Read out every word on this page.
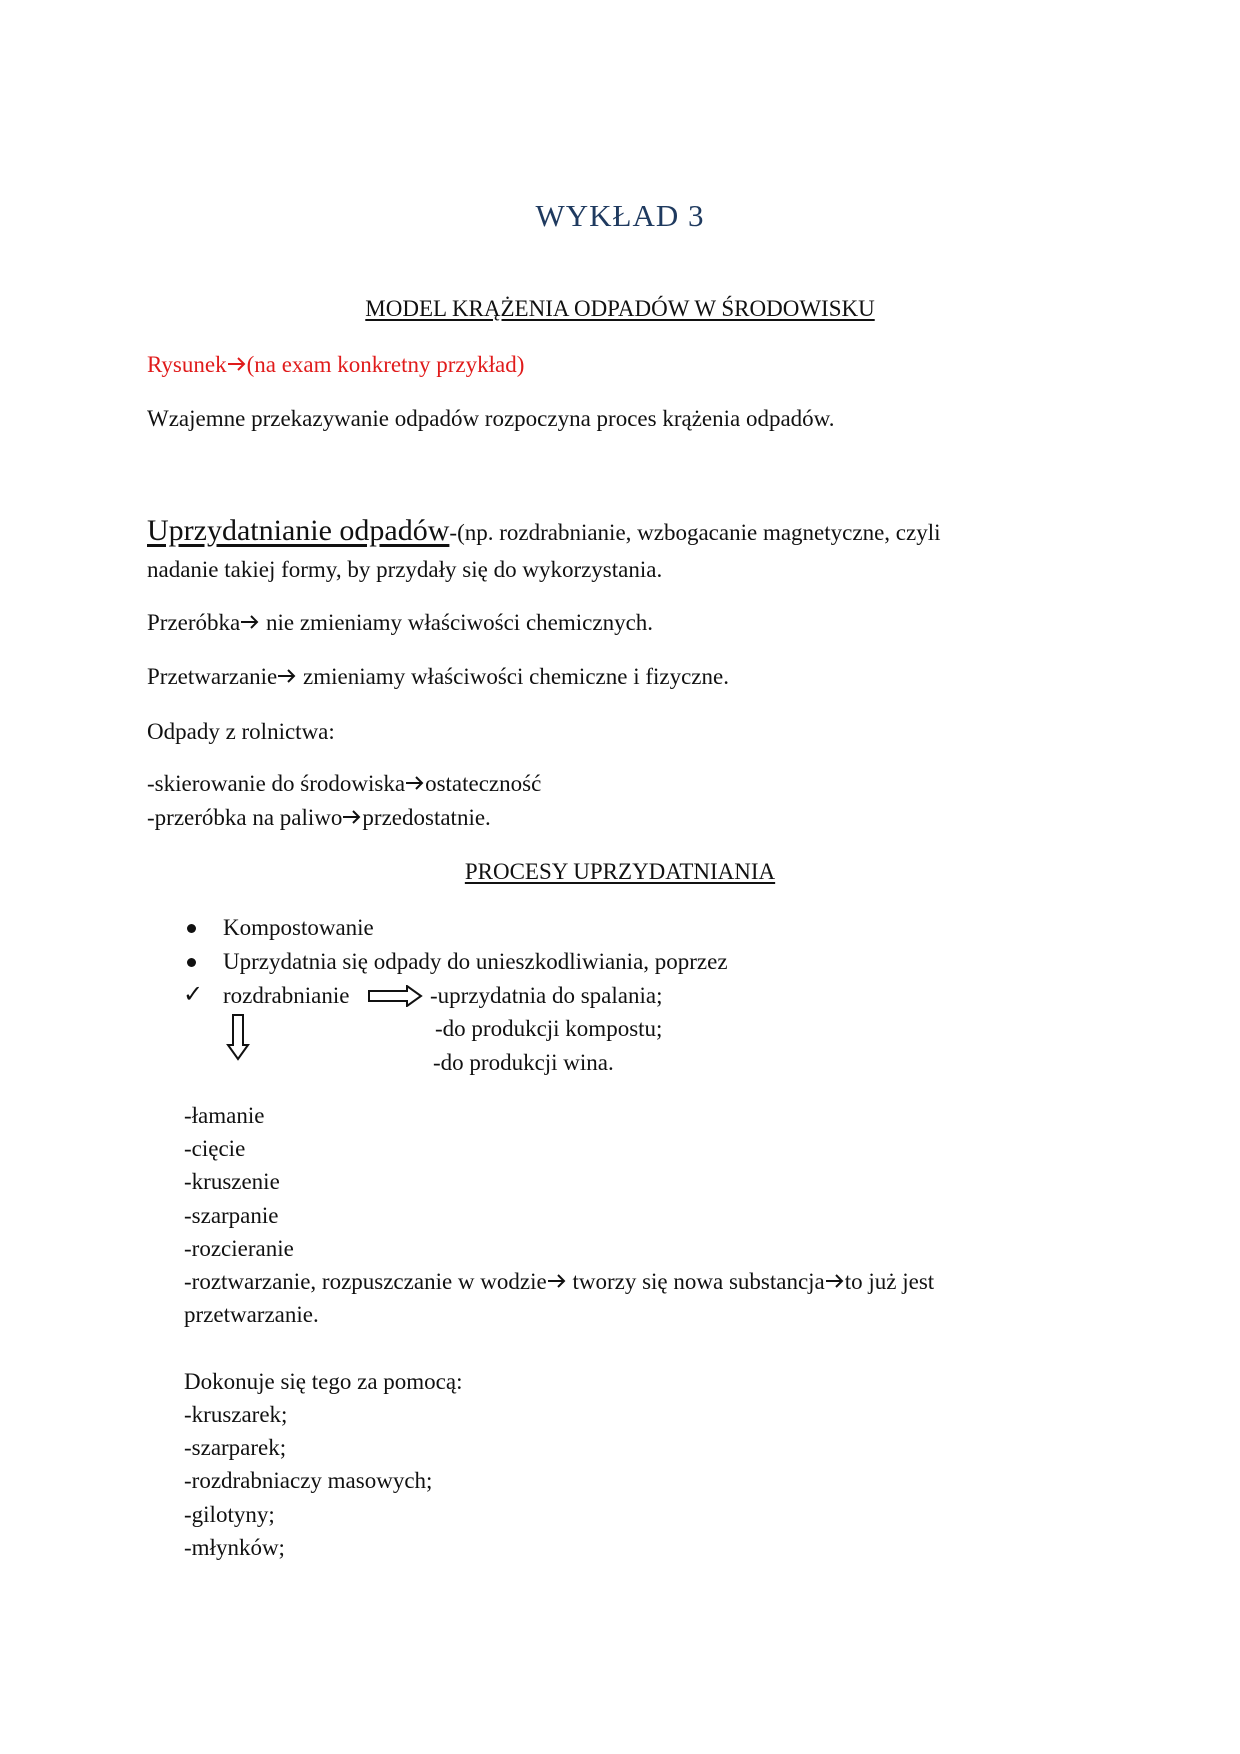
WYKŁAD 3
MODEL KRĄŻENIA ODPADÓW W ŚRODOWISKU
Rysunek (na exam konkretny przykład)
Wzajemne przekazywanie odpadów rozpoczyna proces krążenia odpadów.
Uprzydatnianie odpadów-(np. rozdrabnianie, wzbogacanie magnetyczne, czyli
nadanie takiej formy, by przydały się do wykorzystania.
Przeróbka nie zmieniamy właściwości chemicznych.
Przetwarzanie zmieniamy właściwości chemiczne i fizyczne.
Odpady z rolnictwa:
-skierowanie do środowiska ostateczność
-przeróbka na paliwo przedostatnie.
PROCESY UPRZYDATNIANIA
Kompostowanie
Uprzydatnia się odpady do unieszkodliwiania, poprzez
✓ rozdrabnianie	-uprzydatnia do spalania;
-do produkcji kompostu;
-do produkcji wina.
-łamanie
-cięcie
-kruszenie
-szarpanie
-rozcieranie
-roztwarzanie, rozpuszczanie w wodzie tworzy się nowa substancja to już jest
przetwarzanie.
Dokonuje się tego za pomocą:
-kruszarek;
-szarparek;
-rozdrabniaczy masowych;
-gilotyny;
-młynków;
